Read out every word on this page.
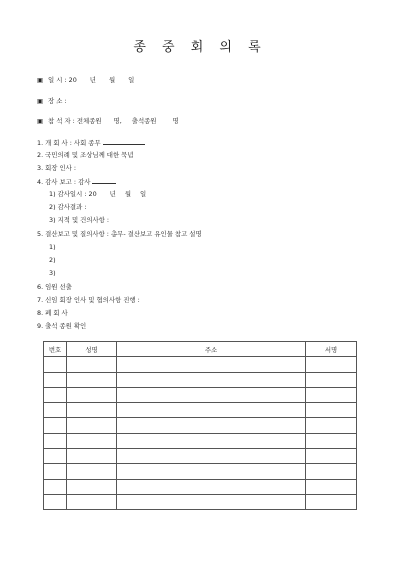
종 중 회 의 록
▣ 일 시 : 20 년 월 일
▣ 장 소 :
▣ 참 석 자 : 전체종원 명, 출석종원	명
1. 개 회 사 : 사회 종무
2. 국민의례 및 조상님께 대한 묵념
3. 회장 인사 :
4. 감사 보고 : 감사
1) 감사일시 : 20 년 월 일
2) 감사결과 :
3) 지적 및 건의사항 :
5. 결산보고 및 질의사항 : 총무- 결산보고 유인물 참고 설명
1)
2)
3)
6. 임원 선출
7. 신임 회장 인사 및 협의사항 진행 :
8. 폐 회 사
9. 출석 종원 확인
번호	성명	주소	서명
